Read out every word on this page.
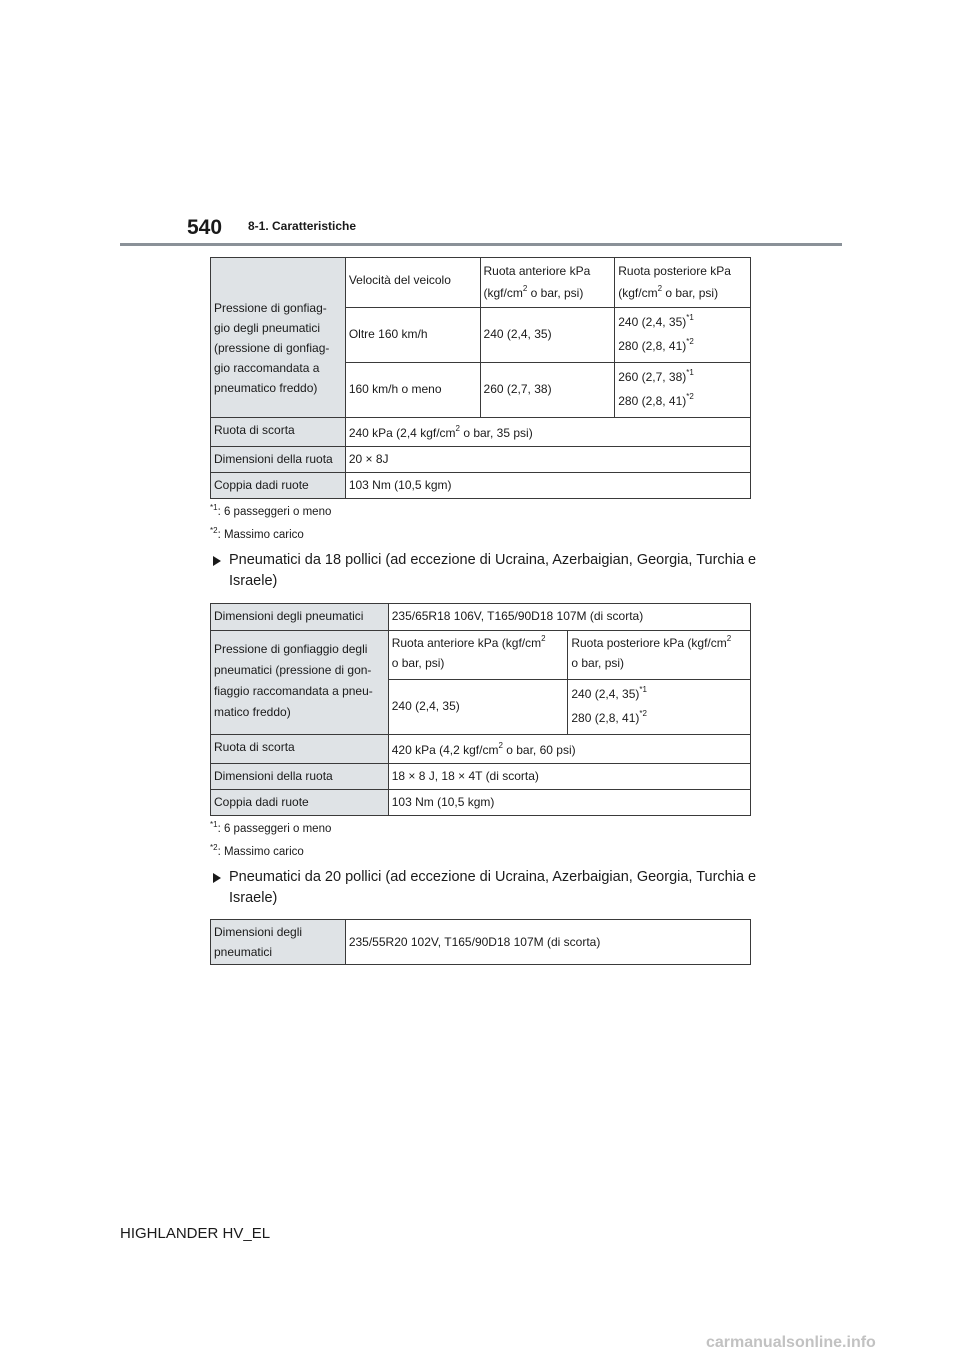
540 8-1. Caratteristiche
Pressione di gonfiag- gio degli pneumatici (pressione di gonfiag- gio raccomandata a pneumatico freddo)	Velocità del veicolo	Ruota anteriore kPa
($kgf/cm^2$ o bar, psi)	Ruota posteriore kPa
($kgf/cm^2$ o bar, psi)
	Oltre 160 km/h	240 (2,4, 35)	240 (2,4, 35)$^{*1}$
280 (2,8, 41)$^{*2}$
	160 km/h o meno	260 (2,7, 38)	260 (2,7, 38)$^{*1}$
280 (2,8, 41)$^{*2}$
Ruota di scorta	240 kPa (2,4 kgf/$cm^2$ o bar, 35 psi)		
Dimensioni della ruota	20 × 8J		
Coppia dadi ruote	103 Nm (10,5 kgm)		
$^{*1}$: 6 passeggeri o meno
$^{*2}$: Massimo carico
Pneumatici da 18 pollici (ad eccezione di Ucraina, Azerbaigian, Georgia, Turchia e Israele)
Dimensioni degli pneumatici	235/65R18 106V, T165/90D18 107M (di scorta)	
Pressione di gonfiaggio degli pneumatici (pressione di gon- fiaggio raccomandata a pneu- matico freddo)	Ruota anteriore kPa ($kgf/cm^2$
o bar, psi)	Ruota posteriore kPa ($kgf/cm^2$
o bar, psi)
	240 (2,4, 35)	240 (2,4, 35)$^{*1}$
280 (2,8, 41)$^{*2}$
Ruota di scorta	420 kPa (4,2 kgf/$cm^2$ o bar, 60 psi)	
Dimensioni della ruota	18 × 8 J, 18 × 4T (di scorta)	
Coppia dadi ruote	103 Nm (10,5 kgm)	
$^{*1}$: 6 passeggeri o meno
$^{*2}$: Massimo carico
Pneumatici da 20 pollici (ad eccezione di Ucraina, Azerbaigian, Georgia, Turchia e Israele)
Dimensioni degli pneumatici	235/55R20 102V, T165/90D18 107M (di scorta)
HIGHLANDER HV_EL
carmanualsonline.info
